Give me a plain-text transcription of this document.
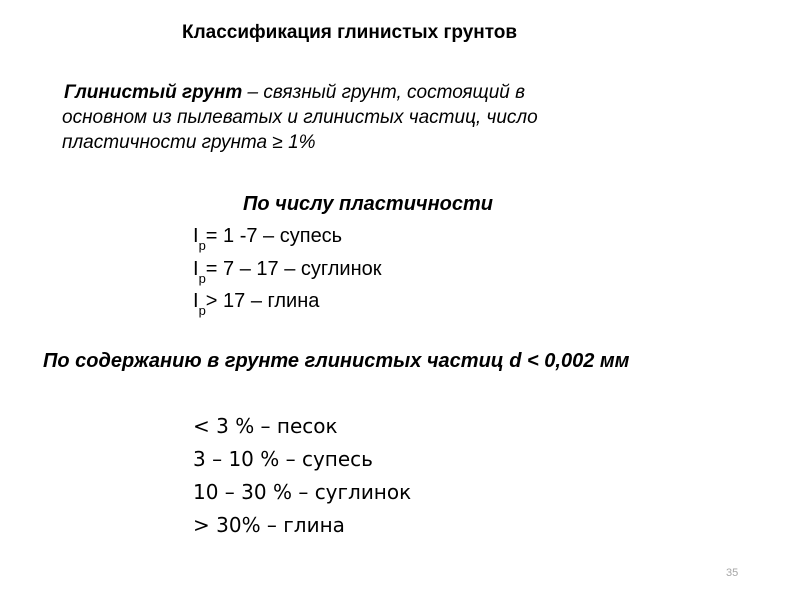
Классификация глинистых грунтов
Глинистый грунт – связный грунт, состоящий в
основном из пылеватых и глинистых частиц, число
пластичности грунта ≥ 1%
По числу пластичности
$I_p= 1$ -7 – супесь
$I_p= 7 - 17$ – суглинок
$I_p> 17$ – глина
По содержанию в грунте глинистых частиц d < 0,002 мм
< 3 % – песок
3 – 10 % – супесь
10 – 30 % – суглинок
> 30% – глина
35
